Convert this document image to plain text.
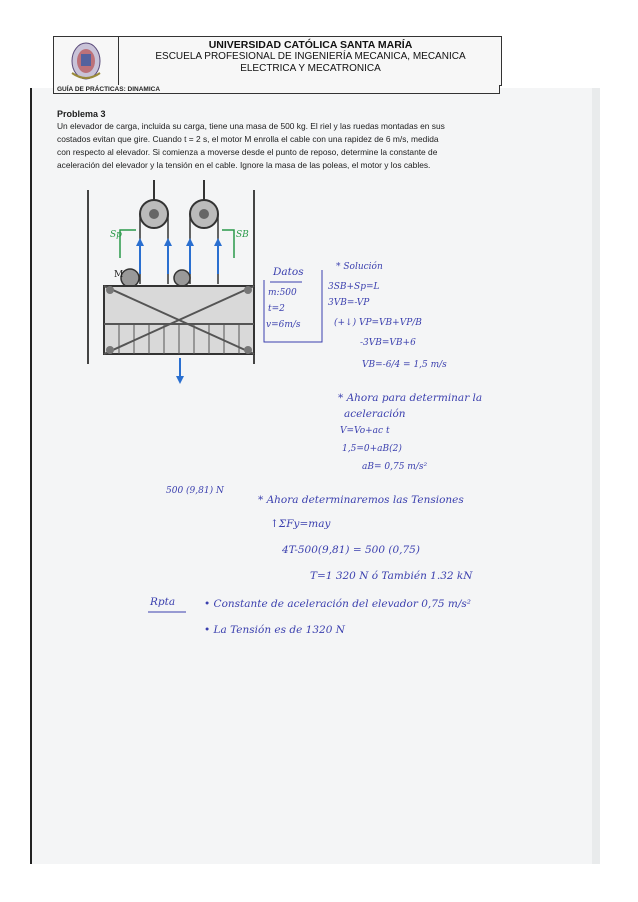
UNIVERSIDAD CATÓLICA SANTA MARÍA
ESCUELA PROFESIONAL DE INGENIERÍA MECANICA, MECANICA
ELECTRICA Y MECATRONICA
GUÍA DE PRÁCTICAS: DINAMICA
Problema 3

Un elevador de carga, incluida su carga, tiene una masa de 500 kg. El riel y las ruedas montadas en sus

costados evitan que gire. Cuando t = 2 s, el motor M enrolla el cable con una rapidez de 6 m/s, medida

con respecto al elevador. Si comienza a moverse desde el punto de reposo, determine la constante de

aceleración del elevador y la tensión en el cable. Ignore la masa de las poleas, el motor y los cables.

Sp	SB
M
500 (9,81) N
Datos
m:500
t=2
v=6m/s
* Solución
3SB+Sp=L
3VB=-VP
(+↓) VP=VB+VP/B
-3VB=VB+6
VB=-6/4 = 1,5 m/s
* Ahora para determinar la
aceleración
V=Vo+ac t
1,5=0+aB(2)
aB= 0,75 m/s²
* Ahora determinaremos las Tensiones
↑ΣFy=may
4T-500(9,81) = 500 (0,75)
T=1 320 N ó También 1.32 kN
Rpta	• Constante de aceleración del elevador 0,75 m/s²
• La Tensión es de 1320 N
